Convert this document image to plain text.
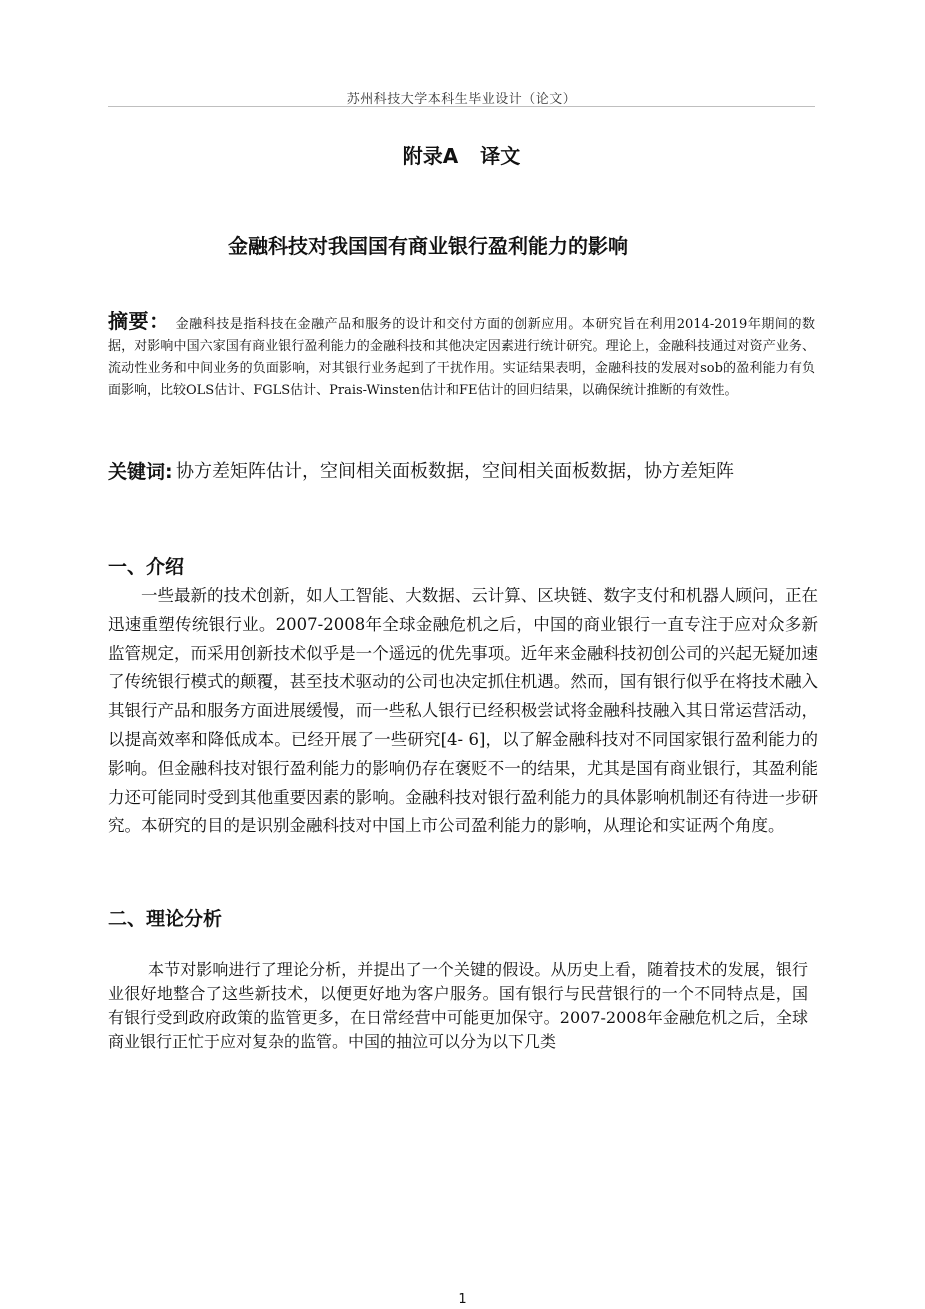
苏州科技大学本科生毕业设计（论文）
附录A 译文
金融科技对我国国有商业银行盈利能力的影响
摘要： 金融科技是指科技在金融产品和服务的设计和交付方面的创新应用。本研究旨在利用2014-2019年期间的数据，对影响中国六家国有商业银行盈利能力的金融科技和其他决定因素进行统计研究。理论上，金融科技通过对资产业务、流动性业务和中间业务的负面影响，对其银行业务起到了干扰作用。实证结果表明，金融科技的发展对sob的盈利能力有负面影响，比较OLS估计、FGLS估计、Prais-Winsten估计和FE估计的回归结果，以确保统计推断的有效性。
关键词: 协方差矩阵估计，空间相关面板数据，空间相关面板数据，协方差矩阵
一、介绍
一些最新的技术创新，如人工智能、大数据、云计算、区块链、数字支付和机器人顾问，正在迅速重塑传统银行业。2007-2008年全球金融危机之后，中国的商业银行一直专注于应对众多新监管规定，而采用创新技术似乎是一个遥远的优先事项。近年来金融科技初创公司的兴起无疑加速了传统银行模式的颠覆，甚至技术驱动的公司也决定抓住机遇。然而，国有银行似乎在将技术融入其银行产品和服务方面进展缓慢，而一些私人银行已经积极尝试将金融科技融入其日常运营活动，以提高效率和降低成本。已经开展了一些研究[4- 6]，以了解金融科技对不同国家银行盈利能力的影响。但金融科技对银行盈利能力的影响仍存在褒贬不一的结果，尤其是国有商业银行，其盈利能力还可能同时受到其他重要因素的影响。金融科技对银行盈利能力的具体影响机制还有待进一步研究。本研究的目的是识别金融科技对中国上市公司盈利能力的影响，从理论和实证两个角度。
二、理论分析
本节对影响进行了理论分析，并提出了一个关键的假设。从历史上看，随着技术的发展，银行业很好地整合了这些新技术，以便更好地为客户服务。国有银行与民营银行的一个不同特点是，国有银行受到政府政策的监管更多，在日常经营中可能更加保守。2007-2008年金融危机之后，全球商业银行正忙于应对复杂的监管。中国的抽泣可以分为以下几类
1
